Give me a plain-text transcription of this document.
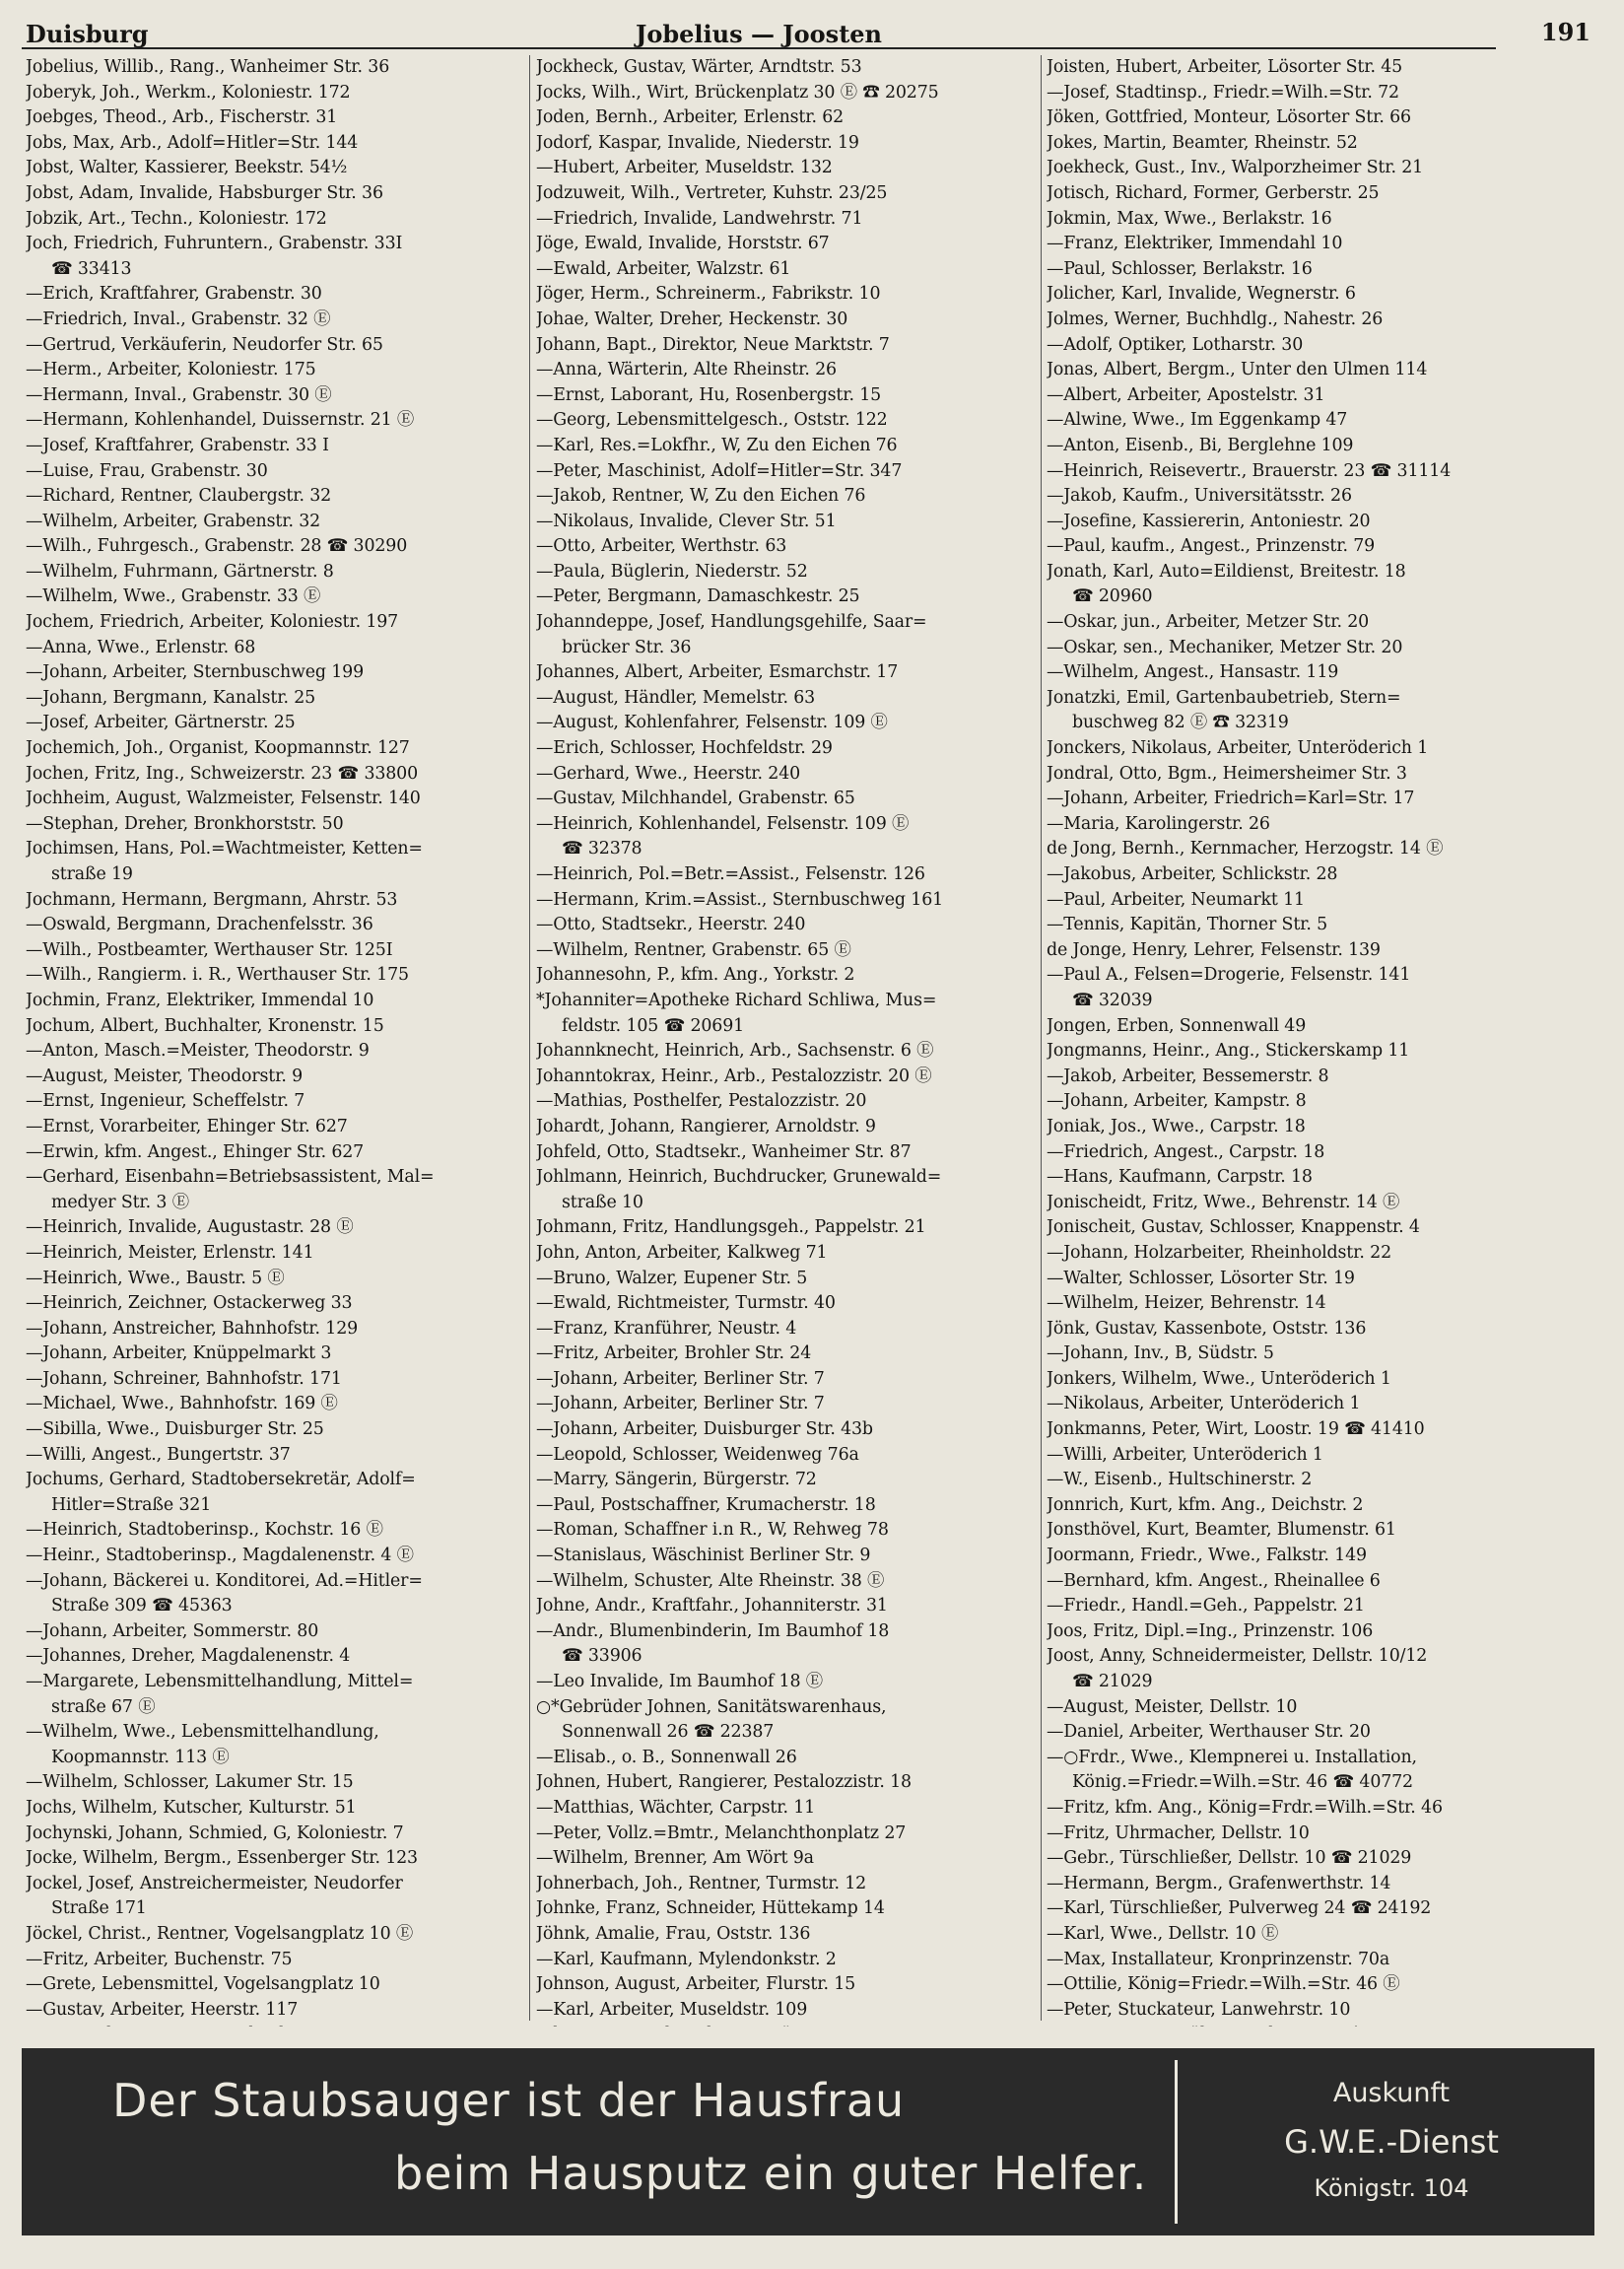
Duisburg	Jobelius — Joosten	191
Jobelius, Willib., Rang., Wanheimer Str. 36
Joberyk, Joh., Werkm., Koloniestr. 172
Joebges, Theod., Arb., Fischerstr. 31
Jobs, Max, Arb., Adolf=Hitler=Str. 144
Jobst, Walter, Kassierer, Beekstr. 54½
Jobst, Adam, Invalide, Habsburger Str. 36
Jobzik, Art., Techn., Koloniestr. 172
Joch, Friedrich, Fuhruntern., Grabenstr. 33I
☎ 33413
—Erich, Kraftfahrer, Grabenstr. 30
—Friedrich, Inval., Grabenstr. 32 Ⓔ
—Gertrud, Verkäuferin, Neudorfer Str. 65
—Herm., Arbeiter, Koloniestr. 175
—Hermann, Inval., Grabenstr. 30 Ⓔ
—Hermann, Kohlenhandel, Duissernstr. 21 Ⓔ
—Josef, Kraftfahrer, Grabenstr. 33 I
—Luise, Frau, Grabenstr. 30
—Richard, Rentner, Claubergstr. 32
—Wilhelm, Arbeiter, Grabenstr. 32
—Wilh., Fuhrgesch., Grabenstr. 28 ☎ 30290
—Wilhelm, Fuhrmann, Gärtnerstr. 8
—Wilhelm, Wwe., Grabenstr. 33 Ⓔ
Jochem, Friedrich, Arbeiter, Koloniestr. 197
—Anna, Wwe., Erlenstr. 68
—Johann, Arbeiter, Sternbuschweg 199
—Johann, Bergmann, Kanalstr. 25
—Josef, Arbeiter, Gärtnerstr. 25
Jochemich, Joh., Organist, Koopmannstr. 127
Jochen, Fritz, Ing., Schweizerstr. 23 ☎ 33800
Jochheim, August, Walzmeister, Felsenstr. 140
—Stephan, Dreher, Bronkhorststr. 50
Jochimsen, Hans, Pol.=Wachtmeister, Ketten=
straße 19
Jochmann, Hermann, Bergmann, Ahrstr. 53
—Oswald, Bergmann, Drachenfelsstr. 36
—Wilh., Postbeamter, Werthauser Str. 125I
—Wilh., Rangierm. i. R., Werthauser Str. 175
Jochmin, Franz, Elektriker, Immendal 10
Jochum, Albert, Buchhalter, Kronenstr. 15
—Anton, Masch.=Meister, Theodorstr. 9
—August, Meister, Theodorstr. 9
—Ernst, Ingenieur, Scheffelstr. 7
—Ernst, Vorarbeiter, Ehinger Str. 627
—Erwin, kfm. Angest., Ehinger Str. 627
—Gerhard, Eisenbahn=Betriebsassistent, Mal=
medyer Str. 3 Ⓔ
—Heinrich, Invalide, Augustastr. 28 Ⓔ
—Heinrich, Meister, Erlenstr. 141
—Heinrich, Wwe., Baustr. 5 Ⓔ
—Heinrich, Zeichner, Ostackerweg 33
—Johann, Anstreicher, Bahnhofstr. 129
—Johann, Arbeiter, Knüppelmarkt 3
—Johann, Schreiner, Bahnhofstr. 171
—Michael, Wwe., Bahnhofstr. 169 Ⓔ
—Sibilla, Wwe., Duisburger Str. 25
—Willi, Angest., Bungertstr. 37
Jochums, Gerhard, Stadtobersekretär, Adolf=
Hitler=Straße 321
—Heinrich, Stadtoberinsp., Kochstr. 16 Ⓔ
—Heinr., Stadtoberinsp., Magdalenenstr. 4 Ⓔ
—Johann, Bäckerei u. Konditorei, Ad.=Hitler=
Straße 309 ☎ 45363
—Johann, Arbeiter, Sommerstr. 80
—Johannes, Dreher, Magdalenenstr. 4
—Margarete, Lebensmittelhandlung, Mittel=
straße 67 Ⓔ
—Wilhelm, Wwe., Lebensmittelhandlung,
Koopmannstr. 113 Ⓔ
—Wilhelm, Schlosser, Lakumer Str. 15
Jochs, Wilhelm, Kutscher, Kulturstr. 51
Jochynski, Johann, Schmied, G, Koloniestr. 7
Jocke, Wilhelm, Bergm., Essenberger Str. 123
Jockel, Josef, Anstreichermeister, Neudorfer
Straße 171
Jöckel, Christ., Rentner, Vogelsangplatz 10 Ⓔ
—Fritz, Arbeiter, Buchenstr. 75
—Grete, Lebensmittel, Vogelsangplatz 10
—Gustav, Arbeiter, Heerstr. 117
Jockheck, Gustav, Wärter, Arndtstr. 53
Jocks, Wilh., Wirt, Brückenplatz 30 Ⓔ ☎ 20275
Joden, Bernh., Arbeiter, Erlenstr. 62
Jodorf, Kaspar, Invalide, Niederstr. 19
—Hubert, Arbeiter, Museldstr. 132
Jodzuweit, Wilh., Vertreter, Kuhstr. 23/25
—Friedrich, Invalide, Landwehrstr. 71
Jöge, Ewald, Invalide, Horststr. 67
—Ewald, Arbeiter, Walzstr. 61
Jöger, Herm., Schreinerm., Fabrikstr. 10
Johae, Walter, Dreher, Heckenstr. 30
Johann, Bapt., Direktor, Neue Marktstr. 7
—Anna, Wärterin, Alte Rheinstr. 26
—Ernst, Laborant, Hu, Rosenbergstr. 15
—Georg, Lebensmittelgesch., Oststr. 122
—Karl, Res.=Lokfhr., W, Zu den Eichen 76
—Peter, Maschinist, Adolf=Hitler=Str. 347
—Jakob, Rentner, W, Zu den Eichen 76
—Nikolaus, Invalide, Clever Str. 51
—Otto, Arbeiter, Werthstr. 63
—Paula, Büglerin, Niederstr. 52
—Peter, Bergmann, Damaschkestr. 25
Johanndeppe, Josef, Handlungsgehilfe, Saar=
brücker Str. 36
Johannes, Albert, Arbeiter, Esmarchstr. 17
—August, Händler, Memelstr. 63
—August, Kohlenfahrer, Felsenstr. 109 Ⓔ
—Erich, Schlosser, Hochfeldstr. 29
—Gerhard, Wwe., Heerstr. 240
—Gustav, Milchhandel, Grabenstr. 65
—Heinrich, Kohlenhandel, Felsenstr. 109 Ⓔ
☎ 32378
—Heinrich, Pol.=Betr.=Assist., Felsenstr. 126
—Hermann, Krim.=Assist., Sternbuschweg 161
—Otto, Stadtsekr., Heerstr. 240
—Wilhelm, Rentner, Grabenstr. 65 Ⓔ
Johannesohn, P., kfm. Ang., Yorkstr. 2
*Johanniter=Apotheke Richard Schliwa, Mus=
feldstr. 105 ☎ 20691
Johannknecht, Heinrich, Arb., Sachsenstr. 6 Ⓔ
Johanntokrax, Heinr., Arb., Pestalozzistr. 20 Ⓔ
—Mathias, Posthelfer, Pestalozzistr. 20
Johardt, Johann, Rangierer, Arnoldstr. 9
Johfeld, Otto, Stadtsekr., Wanheimer Str. 87
Johlmann, Heinrich, Buchdrucker, Grunewald=
straße 10
Johmann, Fritz, Handlungsgeh., Pappelstr. 21
John, Anton, Arbeiter, Kalkweg 71
—Bruno, Walzer, Eupener Str. 5
—Ewald, Richtmeister, Turmstr. 40
—Franz, Kranführer, Neustr. 4
—Fritz, Arbeiter, Brohler Str. 24
—Johann, Arbeiter, Berliner Str. 7
—Johann, Arbeiter, Berliner Str. 7
—Johann, Arbeiter, Duisburger Str. 43b
—Leopold, Schlosser, Weidenweg 76a
—Marry, Sängerin, Bürgerstr. 72
—Paul, Postschaffner, Krumacherstr. 18
—Roman, Schaffner i.n R., W, Rehweg 78
—Stanislaus, Wäschinist Berliner Str. 9
—Wilhelm, Schuster, Alte Rheinstr. 38 Ⓔ
Johne, Andr., Kraftfahr., Johanniterstr. 31
—Andr., Blumenbinderin, Im Baumhof 18
☎ 33906
—Leo Invalide, Im Baumhof 18 Ⓔ
○*Gebrüder Johnen, Sanitätswarenhaus,
Sonnenwall 26 ☎ 22387
—Elisab., o. B., Sonnenwall 26
Johnen, Hubert, Rangierer, Pestalozzistr. 18
—Matthias, Wächter, Carpstr. 11
—Peter, Vollz.=Bmtr., Melanchthonplatz 27
—Wilhelm, Brenner, Am Wört 9a
Johnerbach, Joh., Rentner, Turmstr. 12
Johnke, Franz, Schneider, Hüttekamp 14
Jöhnk, Amalie, Frau, Oststr. 136
—Karl, Kaufmann, Mylendonkstr. 2
Johnson, August, Arbeiter, Flurstr. 15
—Karl, Arbeiter, Museldstr. 109
Joisten, Hubert, Arbeiter, Lösorter Str. 45
—Josef, Stadtinsp., Friedr.=Wilh.=Str. 72
Jöken, Gottfried, Monteur, Lösorter Str. 66
Jokes, Martin, Beamter, Rheinstr. 52
Joekheck, Gust., Inv., Walporzheimer Str. 21
Jotisch, Richard, Former, Gerberstr. 25
Jokmin, Max, Wwe., Berlakstr. 16
—Franz, Elektriker, Immendahl 10
—Paul, Schlosser, Berlakstr. 16
Jolicher, Karl, Invalide, Wegnerstr. 6
Jolmes, Werner, Buchhdlg., Nahestr. 26
—Adolf, Optiker, Lotharstr. 30
Jonas, Albert, Bergm., Unter den Ulmen 114
—Albert, Arbeiter, Apostelstr. 31
—Alwine, Wwe., Im Eggenkamp 47
—Anton, Eisenb., Bi, Berglehne 109
—Heinrich, Reisevertr., Brauerstr. 23 ☎ 31114
—Jakob, Kaufm., Universitätsstr. 26
—Josefine, Kassiererin, Antoniestr. 20
—Paul, kaufm., Angest., Prinzenstr. 79
Jonath, Karl, Auto=Eildienst, Breitestr. 18
☎ 20960
—Oskar, jun., Arbeiter, Metzer Str. 20
—Oskar, sen., Mechaniker, Metzer Str. 20
—Wilhelm, Angest., Hansastr. 119
Jonatzki, Emil, Gartenbaubetrieb, Stern=
buschweg 82 Ⓔ ☎ 32319
Jonckers, Nikolaus, Arbeiter, Unteröderich 1
Jondral, Otto, Bgm., Heimersheimer Str. 3
—Johann, Arbeiter, Friedrich=Karl=Str. 17
—Maria, Karolingerstr. 26
de Jong, Bernh., Kernmacher, Herzogstr. 14 Ⓔ
—Jakobus, Arbeiter, Schlickstr. 28
—Paul, Arbeiter, Neumarkt 11
—Tennis, Kapitän, Thorner Str. 5
de Jonge, Henry, Lehrer, Felsenstr. 139
—Paul A., Felsen=Drogerie, Felsenstr. 141
☎ 32039
Jongen, Erben, Sonnenwall 49
Jongmanns, Heinr., Ang., Stickerskamp 11
—Jakob, Arbeiter, Bessemerstr. 8
—Johann, Arbeiter, Kampstr. 8
Joniak, Jos., Wwe., Carpstr. 18
—Friedrich, Angest., Carpstr. 18
—Hans, Kaufmann, Carpstr. 18
Jonischeidt, Fritz, Wwe., Behrenstr. 14 Ⓔ
Jonischeit, Gustav, Schlosser, Knappenstr. 4
—Johann, Holzarbeiter, Rheinholdstr. 22
—Walter, Schlosser, Lösorter Str. 19
—Wilhelm, Heizer, Behrenstr. 14
Jönk, Gustav, Kassenbote, Oststr. 136
—Johann, Inv., B, Südstr. 5
Jonkers, Wilhelm, Wwe., Unteröderich 1
—Nikolaus, Arbeiter, Unteröderich 1
Jonkmanns, Peter, Wirt, Loostr. 19 ☎ 41410
—Willi, Arbeiter, Unteröderich 1
—W., Eisenb., Hultschinerstr. 2
Jonnrich, Kurt, kfm. Ang., Deichstr. 2
Jonsthövel, Kurt, Beamter, Blumenstr. 61
Joormann, Friedr., Wwe., Falkstr. 149
—Bernhard, kfm. Angest., Rheinallee 6
—Friedr., Handl.=Geh., Pappelstr. 21
Joos, Fritz, Dipl.=Ing., Prinzenstr. 106
Joost, Anny, Schneidermeister, Dellstr. 10/12
☎ 21029
—August, Meister, Dellstr. 10
—Daniel, Arbeiter, Werthauser Str. 20
—○Frdr., Wwe., Klempnerei u. Installation,
König.=Friedr.=Wilh.=Str. 46 ☎ 40772
—Fritz, kfm. Ang., König=Frdr.=Wilh.=Str. 46
—Fritz, Uhrmacher, Dellstr. 10
—Gebr., Türschließer, Dellstr. 10 ☎ 21029
—Hermann, Bergm., Grafenwerthstr. 14
—Karl, Türschließer, Pulverweg 24 ☎ 24192
—Karl, Wwe., Dellstr. 10 Ⓔ
—Max, Installateur, Kronprinzenstr. 70a
—Ottilie, König=Friedr.=Wilh.=Str. 46 Ⓔ
—Peter, Stuckateur, Lanwehrstr. 10
Der Staubsauger ist der Hausfrau
beim Hausputz ein guter Helfer.
Auskunft
G.W.E.-Dienst
Königstr. 104
